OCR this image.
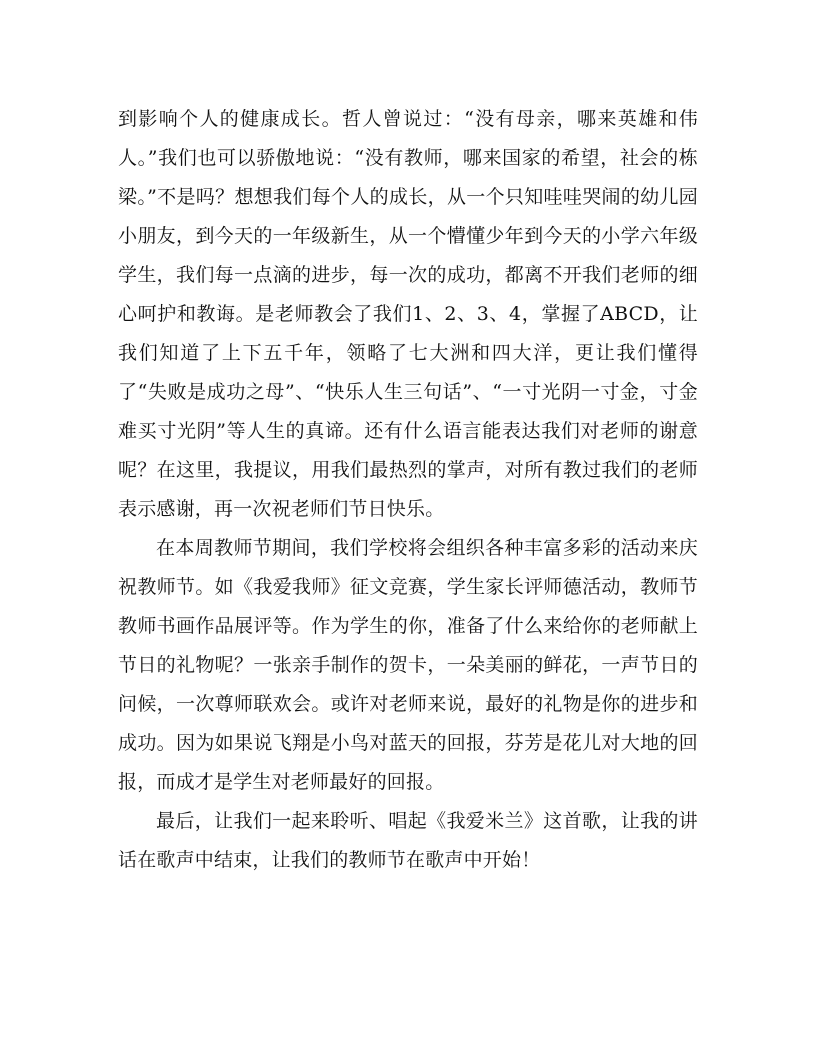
到影响个人的健康成长。哲人曾说过：“没有母亲，哪来英雄和伟人。”我们也可以骄傲地说：“没有教师，哪来国家的希望，社会的栋梁。”不是吗？想想我们每个人的成长，从一个只知哇哇哭闹的幼儿园小朋友，到今天的一年级新生，从一个懵懂少年到今天的小学六年级学生，我们每一点滴的进步，每一次的成功，都离不开我们老师的细心呵护和教诲。是老师教会了我们1、2、3、4，掌握了ABCD，让我们知道了上下五千年，领略了七大洲和四大洋，更让我们懂得了“失败是成功之母”、“快乐人生三句话”、“一寸光阴一寸金，寸金难买寸光阴”等人生的真谛。还有什么语言能表达我们对老师的谢意呢？在这里，我提议，用我们最热烈的掌声，对所有教过我们的老师表示感谢，再一次祝老师们节日快乐。

在本周教师节期间，我们学校将会组织各种丰富多彩的活动来庆祝教师节。如《我爱我师》征文竞赛，学生家长评师德活动，教师节教师书画作品展评等。作为学生的你，准备了什么来给你的老师献上节日的礼物呢？一张亲手制作的贺卡，一朵美丽的鲜花，一声节日的问候，一次尊师联欢会。或许对老师来说，最好的礼物是你的进步和成功。因为如果说飞翔是小鸟对蓝天的回报，芬芳是花儿对大地的回报，而成才是学生对老师最好的回报。

最后，让我们一起来聆听、唱起《我爱米兰》这首歌，让我的讲话在歌声中结束，让我们的教师节在歌声中开始！
